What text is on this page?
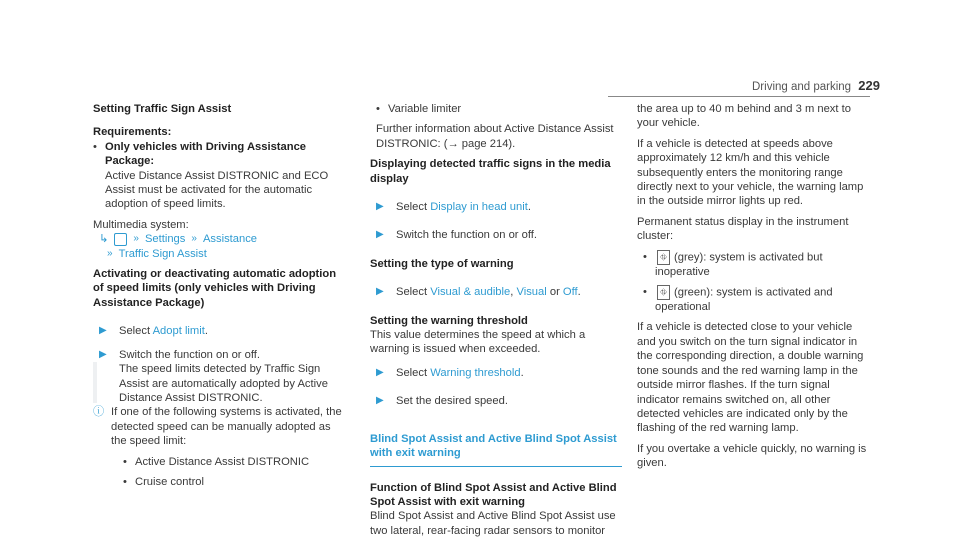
Driving and parking 229

Setting Traffic Sign Assist

Requirements:

• Only vehicles with Driving Assistance Package:
Active Distance Assist DISTRONIC and ECO Assist must be activated for the automatic adoption of speed limits.
Multimedia system:
↳	» Settings » Assistance
» Traffic Sign Assist

Activating or deactivating automatic adoption of speed limits (only vehicles with Driving Assistance Package)

▶	Select Adopt limit.
▶	Switch the function on or off.
The speed limits detected by Traffic Sign Assist are automatically adopted by Active Distance Assist DISTRONIC.
ⓘ If one of the following systems is activated, the detected speed can be manually adopted as the speed limit:
• Active Distance Assist DISTRONIC
• Cruise control
• Variable limiter
Further information about Active Distance Assist DISTRONIC: (→ page 214).

Displaying detected traffic signs in the media display

▶	Select Display in head unit.
▶	Switch the function on or off.

Setting the type of warning

▶	Select Visual & audible, Visual or Off.

Setting the warning threshold

This value determines the speed at which a warning is issued when exceeded.
▶	Select Warning threshold.
▶	Set the desired speed.
Blind Spot Assist and Active Blind Spot Assist with exit warning

Function of Blind Spot Assist and Active Blind Spot Assist with exit warning

Blind Spot Assist and Active Blind Spot Assist use two lateral, rear-facing radar sensors to monitor
the area up to 40 m behind and 3 m next to your vehicle.
If a vehicle is detected at speeds above approximately 12 km/h and this vehicle subsequently enters the monitoring range directly next to your vehicle, the warning lamp in the outside mirror lights up red.
Permanent status display in the instrument cluster:
•	⛗ (grey): system is activated but inoperative
•	⛗ (green): system is activated and operational
If a vehicle is detected close to your vehicle and you switch on the turn signal indicator in the corresponding direction, a double warning tone sounds and the red warning lamp in the outside mirror flashes. If the turn signal indicator remains switched on, all other detected vehicles are indicated only by the flashing of the red warning lamp.
If you overtake a vehicle quickly, no warning is given.
